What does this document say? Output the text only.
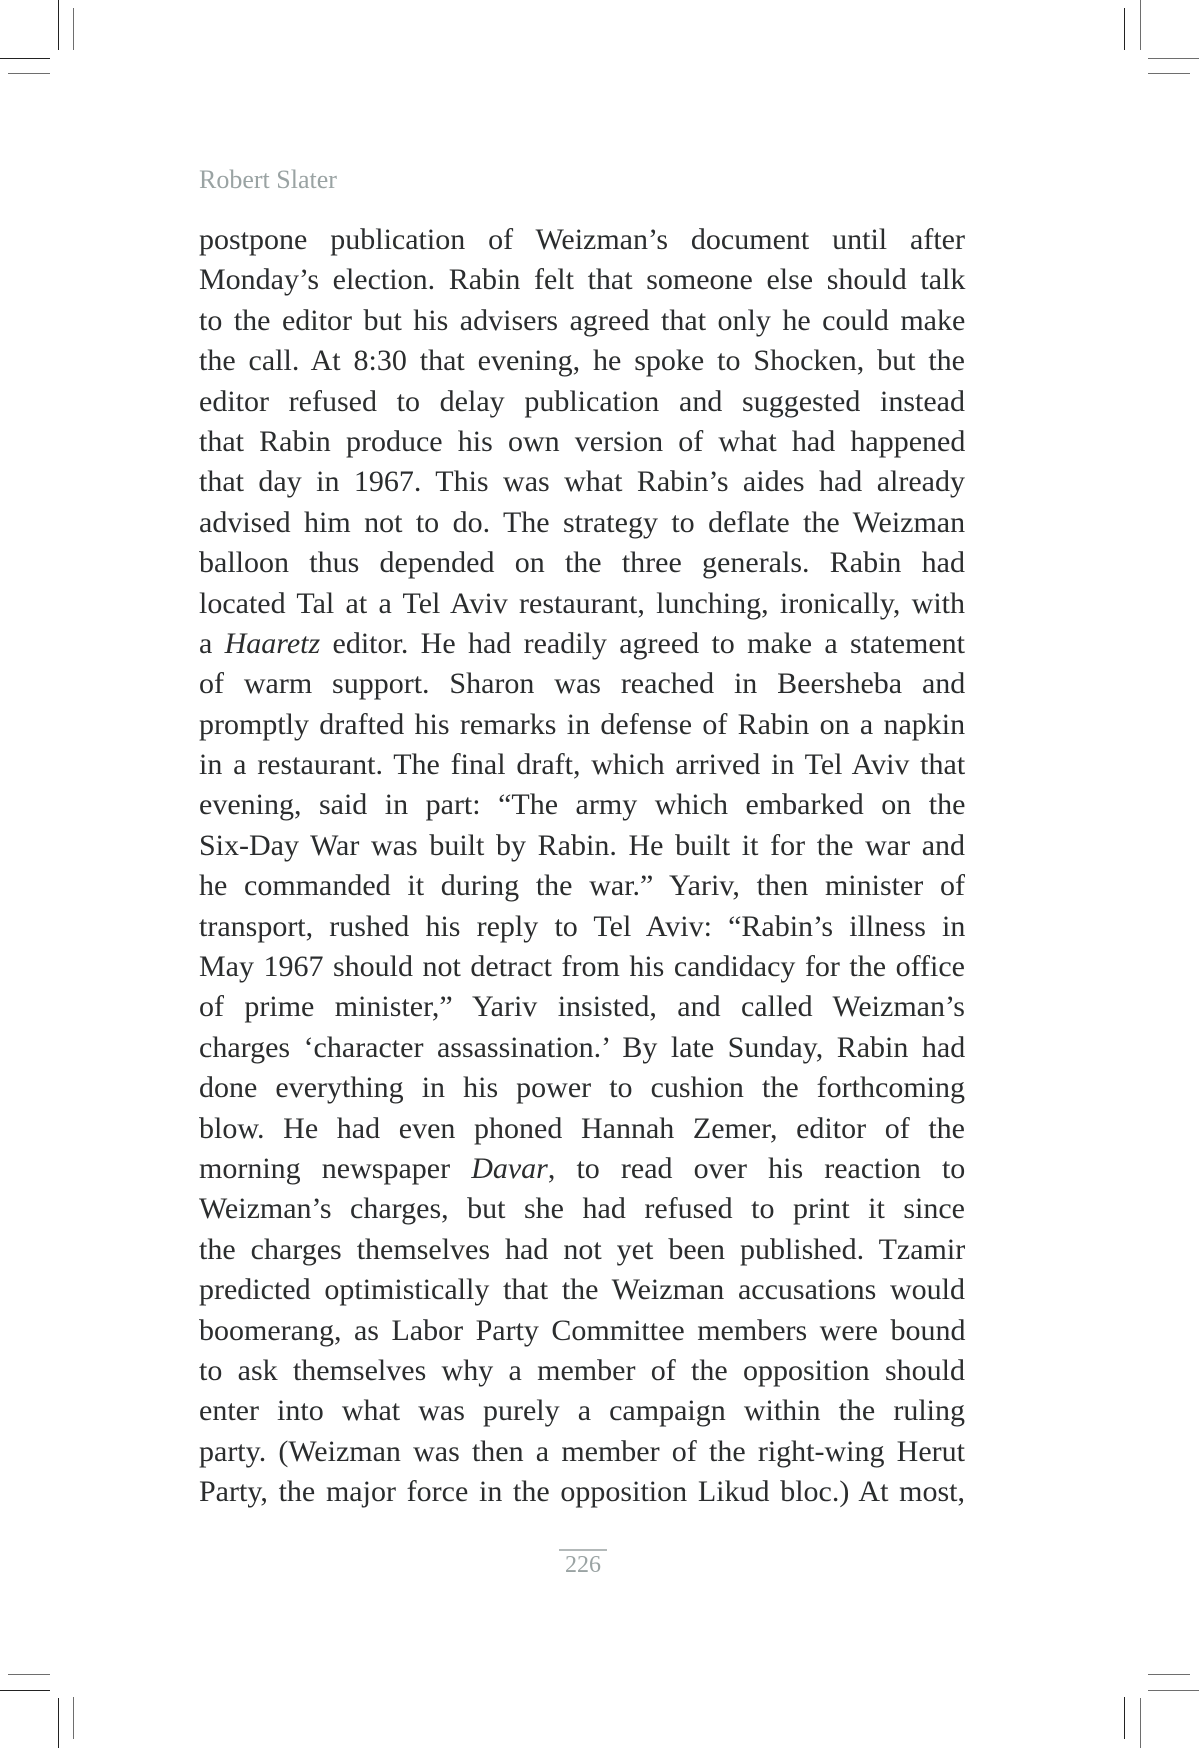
Robert Slater
postpone publication of Weizman’s document until after
Monday’s election. Rabin felt that someone else should talk
to the editor but his advisers agreed that only he could make
the call. At 8:30 that evening, he spoke to Shocken, but the
editor refused to delay publication and suggested instead
that Rabin produce his own version of what had happened
that day in 1967. This was what Rabin’s aides had already
advised him not to do. The strategy to deflate the Weizman
balloon thus depended on the three generals. Rabin had
located Tal at a Tel Aviv restaurant, lunching, ironically, with
a Haaretz editor. He had readily agreed to make a statement
of warm support. Sharon was reached in Beersheba and
promptly drafted his remarks in defense of Rabin on a napkin
in a restaurant. The final draft, which arrived in Tel Aviv that
evening, said in part: “The army which embarked on the
Six-Day War was built by Rabin. He built it for the war and
he commanded it during the war.” Yariv, then minister of
transport, rushed his reply to Tel Aviv: “Rabin’s illness in
May 1967 should not detract from his candidacy for the office
of prime minister,” Yariv insisted, and called Weizman’s
charges ‘character assassination.’ By late Sunday, Rabin had
done everything in his power to cushion the forthcoming
blow. He had even phoned Hannah Zemer, editor of the
morning newspaper Davar, to read over his reaction to
Weizman’s charges, but she had refused to print it since
the charges themselves had not yet been published. Tzamir
predicted optimistically that the Weizman accusations would
boomerang, as Labor Party Committee members were bound
to ask themselves why a member of the opposition should
enter into what was purely a campaign within the ruling
party. (Weizman was then a member of the right-wing Herut
Party, the major force in the opposition Likud bloc.) At most,
226
